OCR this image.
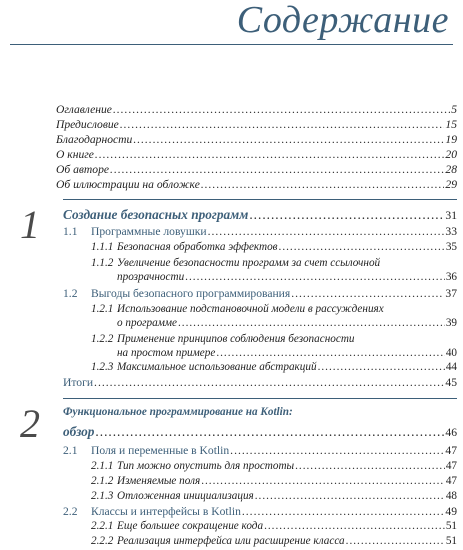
Содержание
Оглавление .....	5
Предисловие .....	15
Благодарности .....	19
О книге .....	20
Об авторе .....	28
Об иллюстрации на обложке .....	29
1 Создание безопасных программ .....	31
1.1 Программные ловушки .....	33
1.1.1 Безопасная обработка эффектов .....	35
1.1.2 Увеличение безопасности программ за счет ссылочной
прозрачности .....	36
1.2 Выгоды безопасного программирования .....	37
1.2.1 Использование подстановочной модели в рассуждениях
о программе .....	39
1.2.2 Применение принципов соблюдения безопасности
на простом примере .....	40
1.2.3 Максимальное использование абстракций .....	44
Итоги .....	45
2 Функциональное программирование на Kotlin:
обзор .....	46
2.1 Поля и переменные в Kotlin .....	47
2.1.1 Тип можно опустить для простоты .....	47
2.1.2 Изменяемые поля .....	47
2.1.3 Отложенная инициализация .....	48
2.2 Классы и интерфейсы в Kotlin .....	49
2.2.1 Еще большее сокращение кода .....	51
2.2.2 Реализация интерфейса или расширение класса .....	51
